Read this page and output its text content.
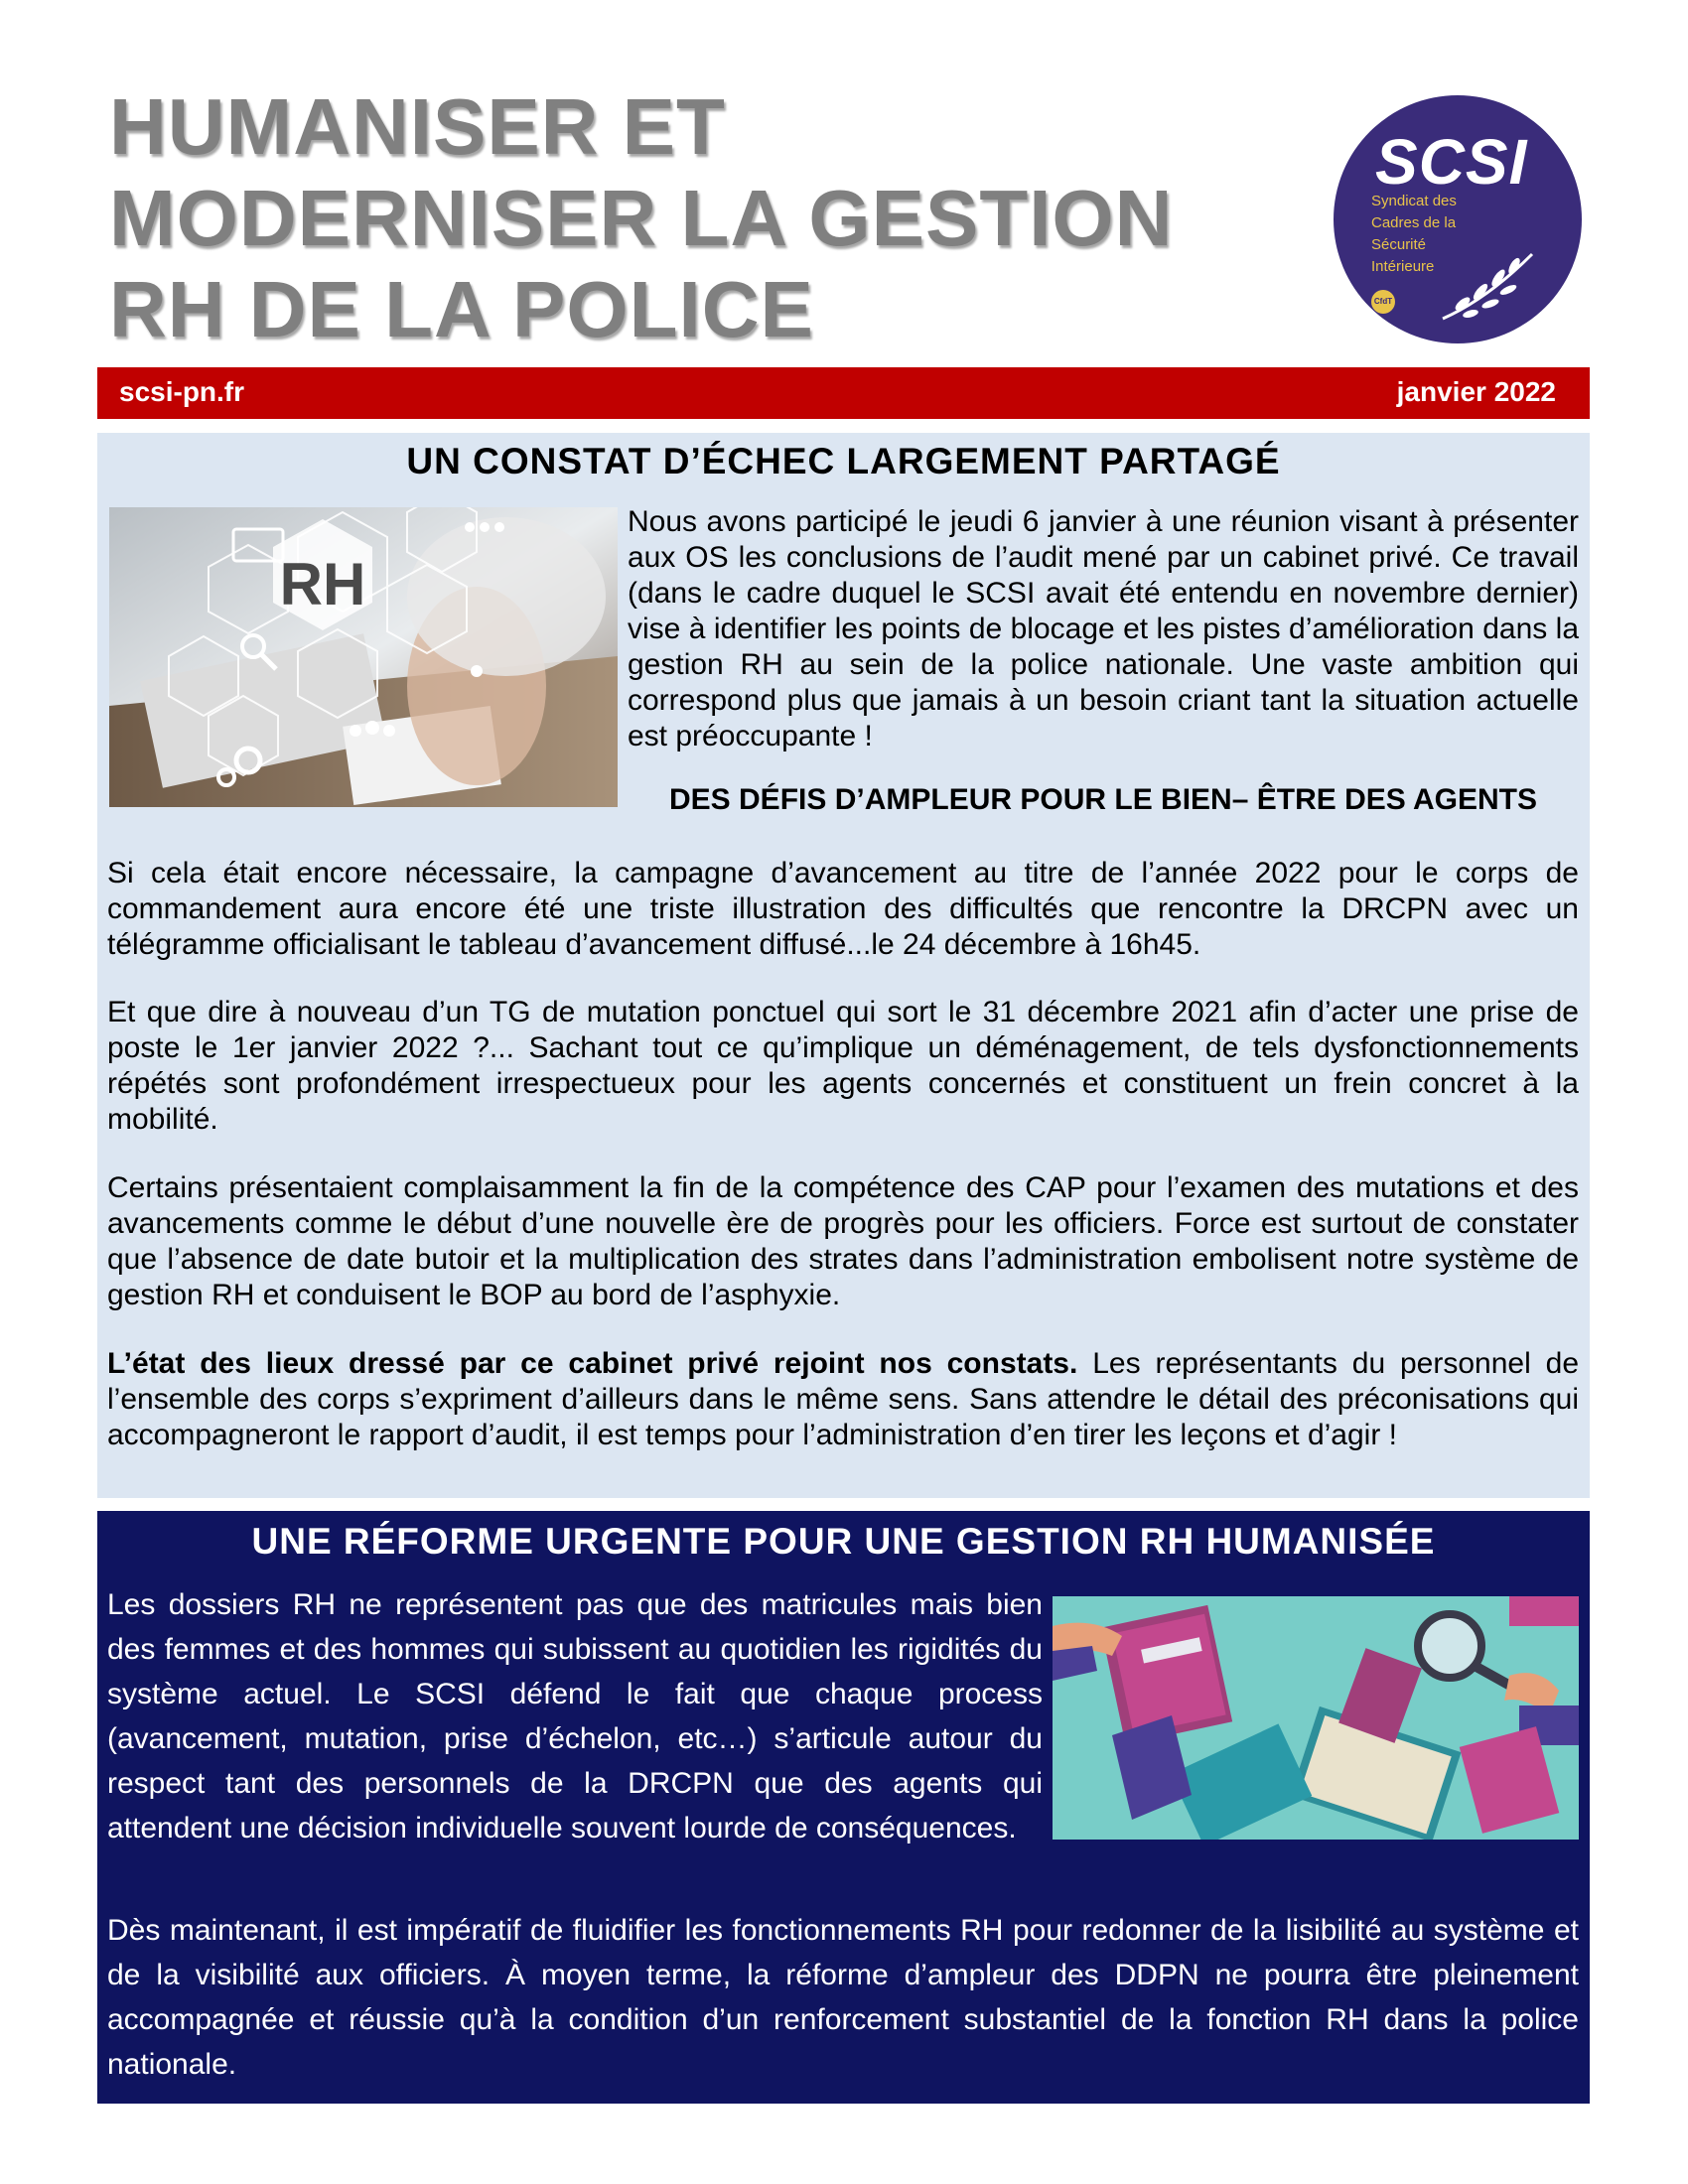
HUMANISER ET
MODERNISER LA GESTION
RH DE LA POLICE
SCSI
Syndicat des
Cadres de la
Sécurité
Intérieure
CfdT
scsi-pn.fr	janvier 2022
UN CONSTAT D’ÉCHEC LARGEMENT PARTAGÉ
RH
Nous avons participé le jeudi 6 janvier à une réunion visant à présenter aux OS les conclusions de l’audit mené par un cabinet privé. Ce travail (dans le cadre duquel le SCSI avait été entendu en novembre dernier) vise à identifier les points de blocage et les pistes d’amélioration dans la gestion RH au sein de la police nationale. Une vaste ambition qui correspond plus que jamais à un besoin criant tant la situation actuelle est préoccupante !
DES DÉFIS D’AMPLEUR POUR LE BIEN– ÊTRE DES AGENTS
Si cela était encore nécessaire, la campagne d’avancement au titre de l’année 2022 pour le corps de commandement aura encore été une triste illustration des difficultés que rencontre la DRCPN avec un télégramme officialisant le tableau d’avancement diffusé...le 24 décembre à 16h45.
Et que dire à nouveau d’un TG de mutation ponctuel qui sort le 31 décembre 2021 afin d’acter une prise de poste le 1er janvier 2022 ?... Sachant tout ce qu’implique un déménagement, de tels dysfonctionnements répétés sont profondément irrespectueux pour les agents concernés et constituent un frein concret à la mobilité.
Certains présentaient complaisamment la fin de la compétence des CAP pour l’examen des mutations et des avancements comme le début d’une nouvelle ère de progrès pour les officiers. Force est surtout de constater que l’absence de date butoir et la multiplication des strates dans l’administration embolisent notre système de gestion RH et conduisent le BOP au bord de l’asphyxie.
L’état des lieux dressé par ce cabinet privé rejoint nos constats. Les représentants du personnel de l’ensemble des corps s’expriment d’ailleurs dans le même sens. Sans attendre le détail des préconisations qui accompagneront le rapport d’audit, il est temps pour l’administration d’en tirer les leçons et d’agir !
UNE RÉFORME URGENTE POUR UNE GESTION RH HUMANISÉE
Les dossiers RH ne représentent pas que des matricules mais bien des femmes et des hommes qui subissent au quotidien les rigidités du système actuel. Le SCSI défend le fait que chaque process (avancement, mutation, prise d’échelon, etc…) s’articule autour du respect tant des personnels de la DRCPN que des agents qui attendent une décision individuelle souvent lourde de conséquences.
Dès maintenant, il est impératif de fluidifier les fonctionnements RH pour redonner de la lisibilité au système et de la visibilité aux officiers. À moyen terme, la réforme d’ampleur des DDPN ne pourra être pleinement accompagnée et réussie qu’à la condition d’un renforcement substantiel de la fonction RH dans la police nationale.
